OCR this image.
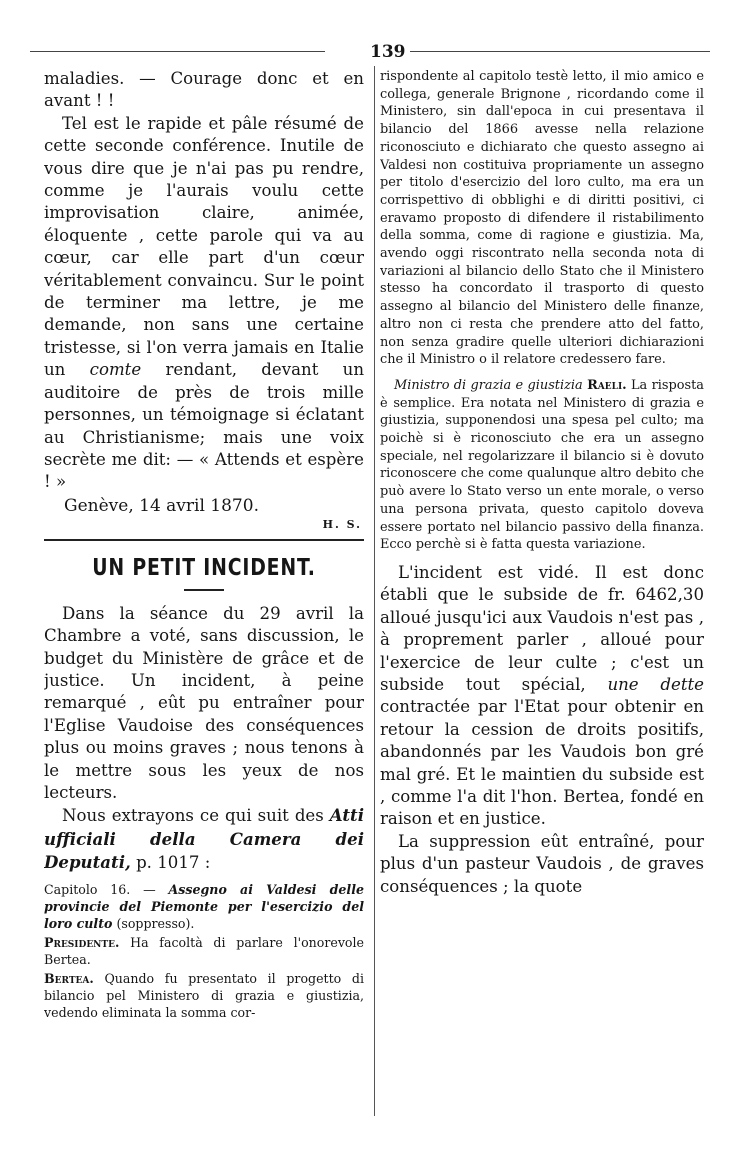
139

maladies. — Courage donc et en avant ! !

Tel est le rapide et pâle résumé de cette seconde conférence. Inutile de vous dire que je n'ai pas pu rendre, comme je l'aurais voulu cette improvisation claire, animée, éloquente , cette parole qui va au cœur, car elle part d'un cœur véritablement convaincu. Sur le point de terminer ma lettre, je me demande, non sans une certaine tristesse, si l'on verra jamais en Italie un comte rendant, devant un auditoire de près de trois mille personnes, un témoignage si éclatant au Christianisme; mais une voix secrète me dit: — « Attends et espère ! »

Genève, 14 avril 1870.

H. S.

UN PETIT INCIDENT.

Dans la séance du 29 avril la Chambre a voté, sans discussion, le budget du Ministère de grâce et de justice. Un incident, à peine remarqué , eût pu entraîner pour l'Eglise Vaudoise des conséquences plus ou moins graves ; nous tenons à le mettre sous les yeux de nos lecteurs.

Nous extrayons ce qui suit des Atti ufficiali della Camera dei Deputati, p. 1017 :

Capitolo 16. — Assegno ai Valdesi delle provincie del Piemonte per l'esercizio del loro culto (soppresso).

Presidente. Ha facoltà di parlare l'onorevole Bertea.

Bertea. Quando fu presentato il progetto di bilancio pel Ministero di grazia e giustizia, vedendo eliminata la somma cor-

rispondente al capitolo testè letto, il mio amico e collega, generale Brignone , ricordando come il Ministero, sin dall'epoca in cui presentava il bilancio del 1866 avesse nella relazione riconosciuto e dichiarato che questo assegno ai Valdesi non costituiva propriamente un assegno per titolo d'esercizio del loro culto, ma era un corrispettivo di obblighi e di diritti positivi, ci eravamo proposto di difendere il ristabilimento della somma, come di ragione e giustizia. Ma, avendo oggi riscontrato nella seconda nota di variazioni al bilancio dello Stato che il Ministero stesso ha concordato il trasporto di questo assegno al bilancio del Ministero delle finanze, altro non ci resta che prendere atto del fatto, non senza gradire quelle ulteriori dichiarazioni che il Ministro o il relatore credessero fare.

Ministro di grazia e giustizia Raeli. La risposta è semplice. Era notata nel Ministero di grazia e giustizia, supponendosi una spesa pel culto; ma poichè si è riconosciuto che era un assegno speciale, nel regolarizzare il bilancio si è dovuto riconoscere che come qualunque altro debito che può avere lo Stato verso un ente morale, o verso una persona privata, questo capitolo doveva essere portato nel bilancio passivo della finanza. Ecco perchè si è fatta questa variazione.

L'incident est vidé. Il est donc établi que le subside de fr. 6462,30 alloué jusqu'ici aux Vaudois n'est pas , à proprement parler , alloué pour l'exercice de leur culte ; c'est un subside tout spécial, une dette contractée par l'Etat pour obtenir en retour la cession de droits positifs, abandonnés par les Vaudois bon gré mal gré. Et le maintien du subside est , comme l'a dit l'hon. Bertea, fondé en raison et en justice.

La suppression eût entraîné, pour plus d'un pasteur Vaudois , de graves conséquences ; la quote
